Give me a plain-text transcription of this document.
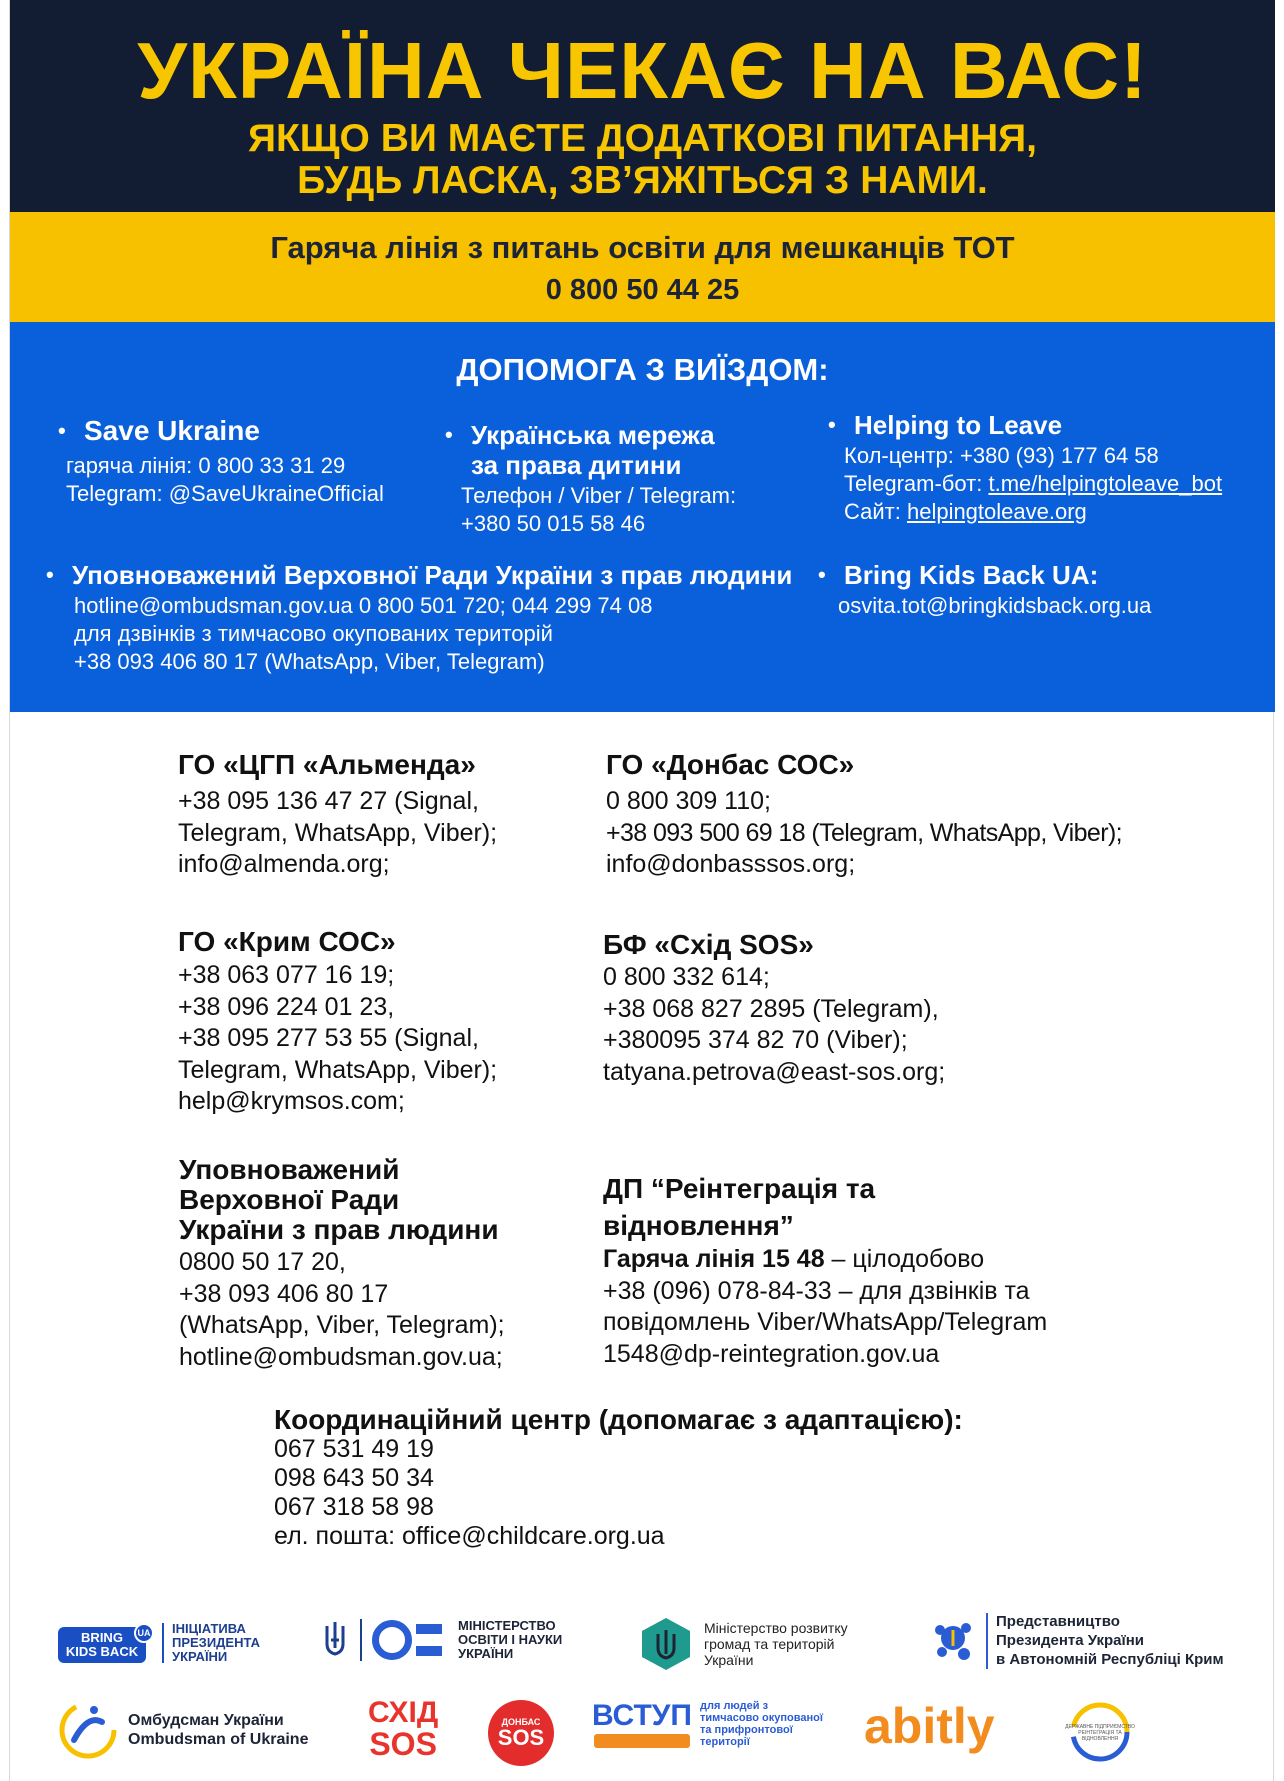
УКРАЇНА ЧЕКАЄ НА ВАС!
ЯКЩО ВИ МАЄТЕ ДОДАТКОВІ ПИТАННЯ,
БУДЬ ЛАСКА, ЗВ’ЯЖІТЬСЯ З НАМИ.
Гаряча лінія з питань освіти для мешканців ТОТ
0 800 50 44 25
ДОПОМОГА З ВИЇЗДОМ:
• Save Ukraine
гаряча лінія: 0 800 33 31 29
Telegram: @SaveUkraineOfficial
• Українська мережа
за права дитини
Телефон / Viber / Telegram:
+380 50 015 58 46
• Helping to Leave
Кол-центр: +380 (93) 177 64 58
Telegram-бот: t.me/helpingtoleave_bot
Сайт: helpingtoleave.org
• Уповноважений Верховної Ради України з прав людини
hotline@ombudsman.gov.ua 0 800 501 720; 044 299 74 08
для дзвінків з тимчасово окупованих територій
+38 093 406 80 17 (WhatsApp, Viber, Telegram)
• Bring Kids Back UA:
osvita.tot@bringkidsback.org.ua
ГО «ЦГП «Альменда»
+38 095 136 47 27 (Signal,
Telegram, WhatsApp, Viber);
info@almenda.org;
ГО «Донбас СОС»
0 800 309 110;
+38 093 500 69 18 (Telegram, WhatsApp, Viber);
info@donbasssos.org;
ГО «Крим СОС»
+38 063 077 16 19;
+38 096 224 01 23,
+38 095 277 53 55 (Signal,
Telegram, WhatsApp, Viber);
help@krymsos.com;
БФ «Схід SOS»
0 800 332 614;
+38 068 827 2895 (Telegram),
+380095 374 82 70 (Viber);
tatyana.petrova@east-sos.org;
Уповноважений
Верховної Ради
України з прав людини
0800 50 17 20,
+38 093 406 80 17
(WhatsApp, Viber, Telegram);
hotline@ombudsman.gov.ua;
ДП “Реінтеграція та
відновлення”
Гаряча лінія 15 48 – цілодобово
+38 (096) 078-84-33 – для дзвінків та
повідомлень Viber/WhatsApp/Telegram
1548@dp-reintegration.gov.ua
Координаційний центр (допомагає з адаптацією):
067 531 49 19
098 643 50 34
067 318 58 98
ел. пошта: office@childcare.org.ua
BRING
KIDS BACK
UA ІНІЦІАТИВА
ПРЕЗИДЕНТА
УКРАЇНИ
МІНІСТЕРСТВО
ОСВІТИ І НАУКИ
УКРАЇНИ
Міністерство розвитку
громад та територій
України
Представництво
Президента України
в Автономній Республіці Крим
Омбудсман України
Ombudsman of Ukraine
СХІД
SOS
ДОНБАС
SOS
ВСТУП для людей з
тимчасово окупованої
та прифронтової
території	abitly	ДЕРЖАВНЕ ПІДПРИЄМСТВО
РЕІНТЕГРАЦІЯ ТА ВІДНОВЛЕННЯ
